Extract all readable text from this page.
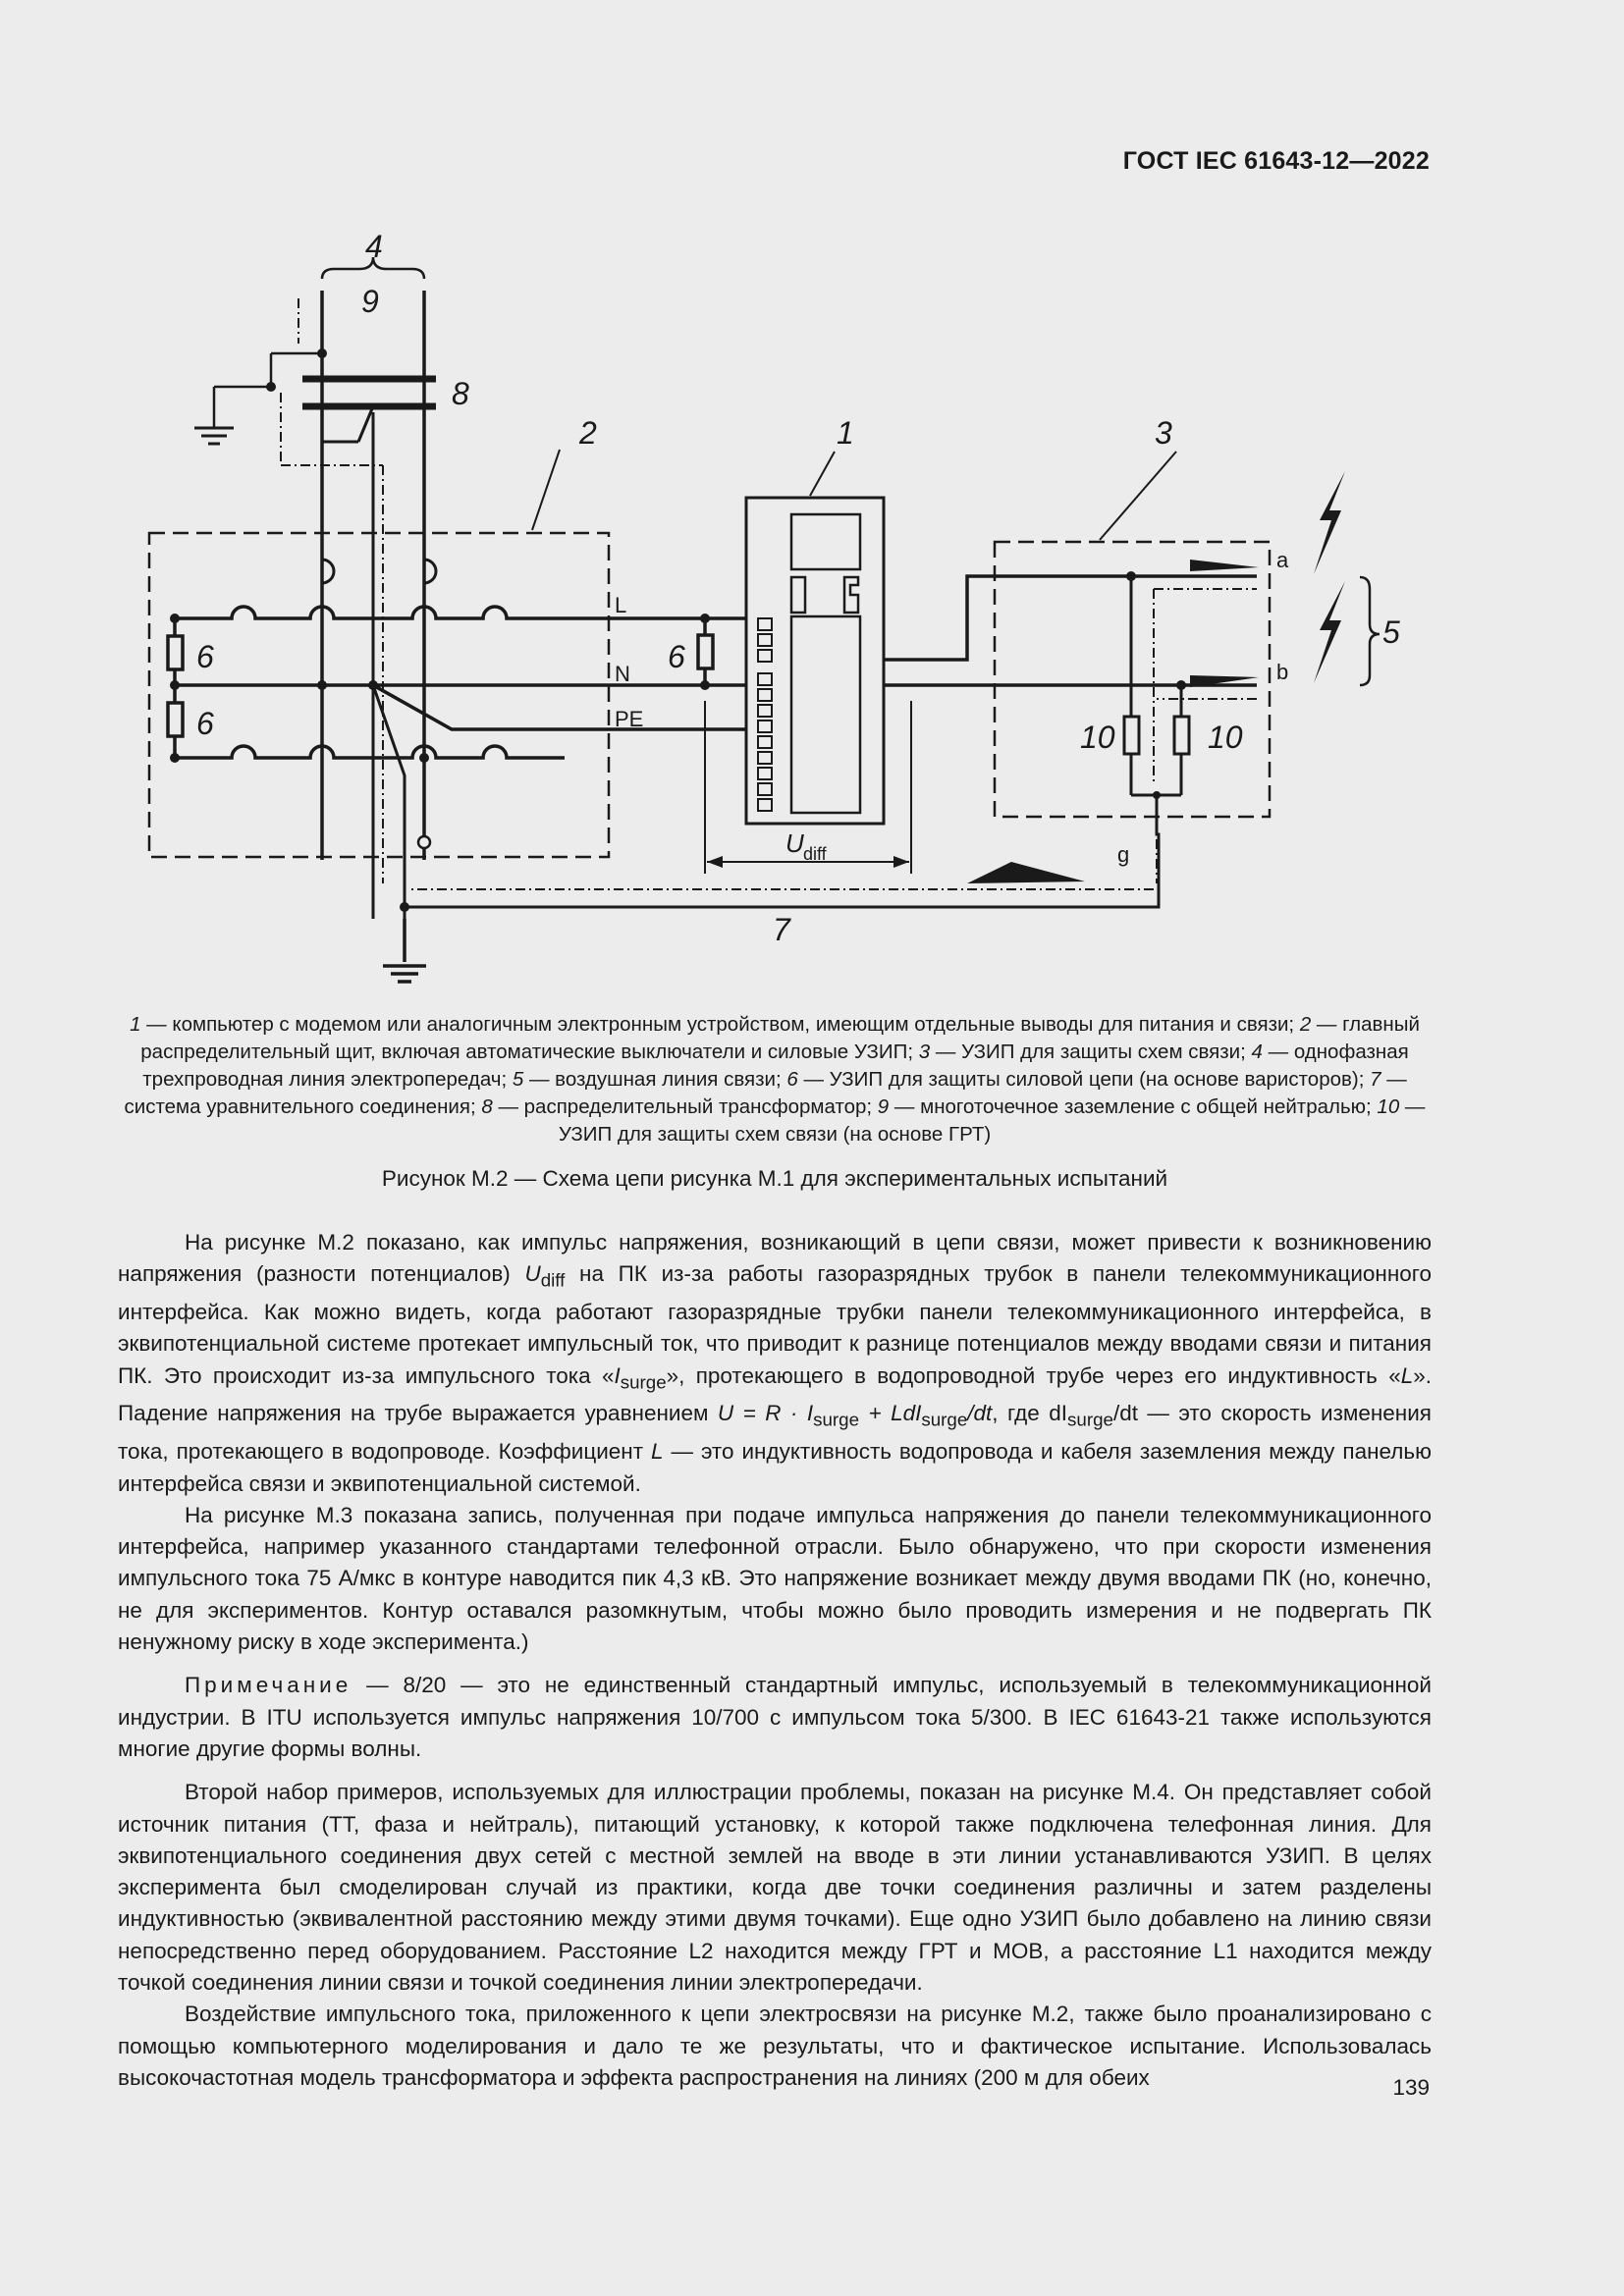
ГОСТ IEC 61643-12—2022
4
9
8
2	1	3
5
6
6
6
10	10
7
L
N
PE
a
b
g
U diff
1 — компьютер с модемом или аналогичным электронным устройством, имеющим отдельные выводы для питания и связи; 2 — главный распределительный щит, включая автоматические выключатели и силовые УЗИП; 3 — УЗИП для защиты схем связи; 4 — однофазная трехпроводная линия электропередач; 5 — воздушная линия связи; 6 — УЗИП для защиты силовой цепи (на основе варисторов); 7 — система уравнительного соединения; 8 — распределительный трансформатор; 9 — многоточечное заземление с общей нейтралью; 10 — УЗИП для защиты схем связи (на основе ГРТ)
Рисунок M.2 — Схема цепи рисунка M.1 для экспериментальных испытаний

На рисунке M.2 показано, как импульс напряжения, возникающий в цепи связи, может привести к возникновению напряжения (разности потенциалов) $U_{diff}$ на ПК из-за работы газоразрядных трубок в панели телекоммуникационного интерфейса. Как можно видеть, когда работают газоразрядные трубки панели телекоммуникационного интерфейса, в эквипотенциальной системе протекает импульсный ток, что приводит к разнице потенциалов между вводами связи и питания ПК. Это происходит из-за импульсного тока «$I_{surge}$», протекающего в водопроводной трубе через его индуктивность «L». Падение напряжения на трубе выражается уравнением $U = R \cdot I_{surge} + LdI_{surge}/dt$, где $dI_{surge}/dt$ — это скорость изменения тока, протекающего в водопроводе. Коэффициент L — это индуктивность водопровода и кабеля заземления между панелью интерфейса связи и эквипотенциальной системой.

На рисунке M.3 показана запись, полученная при подаче импульса напряжения до панели телекоммуникационного интерфейса, например указанного стандартами телефонной отрасли. Было обнаружено, что при скорости изменения импульсного тока 75 А/мкс в контуре наводится пик 4,3 кВ. Это напряжение возникает между двумя вводами ПК (но, конечно, не для экспериментов. Контур оставался разомкнутым, чтобы можно было проводить измерения и не подвергать ПК ненужному риску в ходе эксперимента.)

Примечание — 8/20 — это не единственный стандартный импульс, используемый в телекоммуникационной индустрии. В ITU используется импульс напряжения 10/700 с импульсом тока 5/300. В IEC 61643-21 также используются многие другие формы волны.

Второй набор примеров, используемых для иллюстрации проблемы, показан на рисунке M.4. Он представляет собой источник питания (TT, фаза и нейтраль), питающий установку, к которой также подключена телефонная линия. Для эквипотенциального соединения двух сетей с местной землей на вводе в эти линии устанавливаются УЗИП. В целях эксперимента был смоделирован случай из практики, когда две точки соединения различны и затем разделены индуктивностью (эквивалентной расстоянию между этими двумя точками). Еще одно УЗИП было добавлено на линию связи непосредственно перед оборудованием. Расстояние L2 находится между ГРТ и MOB, а расстояние L1 находится между точкой соединения линии связи и точкой соединения линии электропередачи.

Воздействие импульсного тока, приложенного к цепи электросвязи на рисунке M.2, также было проанализировано с помощью компьютерного моделирования и дало те же результаты, что и фактическое испытание. Использовалась высокочастотная модель трансформатора и эффекта распространения на линиях (200 м для обеих	139
